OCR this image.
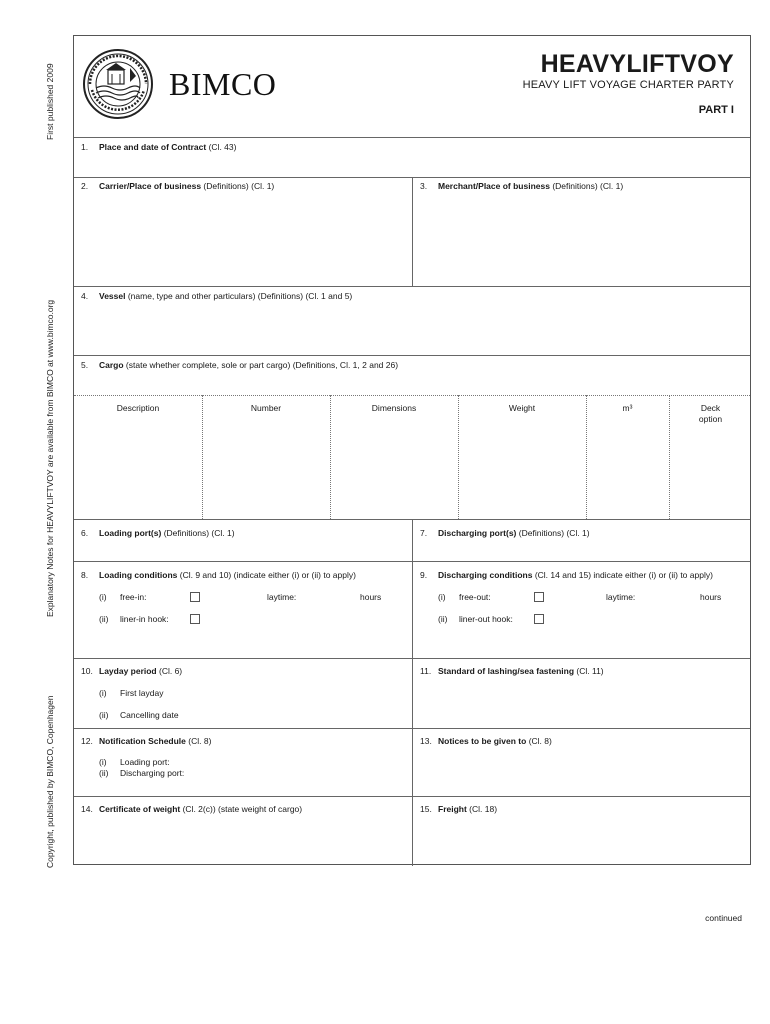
First published 2009
Explanatory Notes for HEAVYLIFTVOY are available from BIMCO at www.bimco.org
Copyright, published by BIMCO, Copenhagen
BIMCO
HEAVYLIFTVOY
HEAVY LIFT VOYAGE CHARTER PARTY
PART I
1. Place and date of Contract (Cl. 43)
2. Carrier/Place of business (Definitions) (Cl. 1)	3. Merchant/Place of business (Definitions) (Cl. 1)
4. Vessel (name, type and other particulars) (Definitions) (Cl. 1 and 5)
5. Cargo (state whether complete, sole or part cargo) (Definitions, Cl. 1, 2 and 26)
Description	Number	Dimensions	Weight	m³	Deck
option
6. Loading port(s) (Definitions) (Cl. 1)	7. Discharging port(s) (Definitions) (Cl. 1)
8. Loading conditions (Cl. 9 and 10) (indicate either (i) or (ii) to apply)
(i) free-in:	laytime:	hours
(ii) liner-in hook:
9. Discharging conditions (Cl. 14 and 15) indicate either (i) or (ii) to apply)
(i) free-out:	laytime:	hours
(ii) liner-out hook:
10. Layday period (Cl. 6)
(i) First layday
(ii) Cancelling date
11. Standard of lashing/sea fastening (Cl. 11)
12. Notification Schedule (Cl. 8)
(i) Loading port:
(ii) Discharging port:
13. Notices to be given to (Cl. 8)
14. Certificate of weight (Cl. 2(c)) (state weight of cargo)	15. Freight (Cl. 18)
continued
